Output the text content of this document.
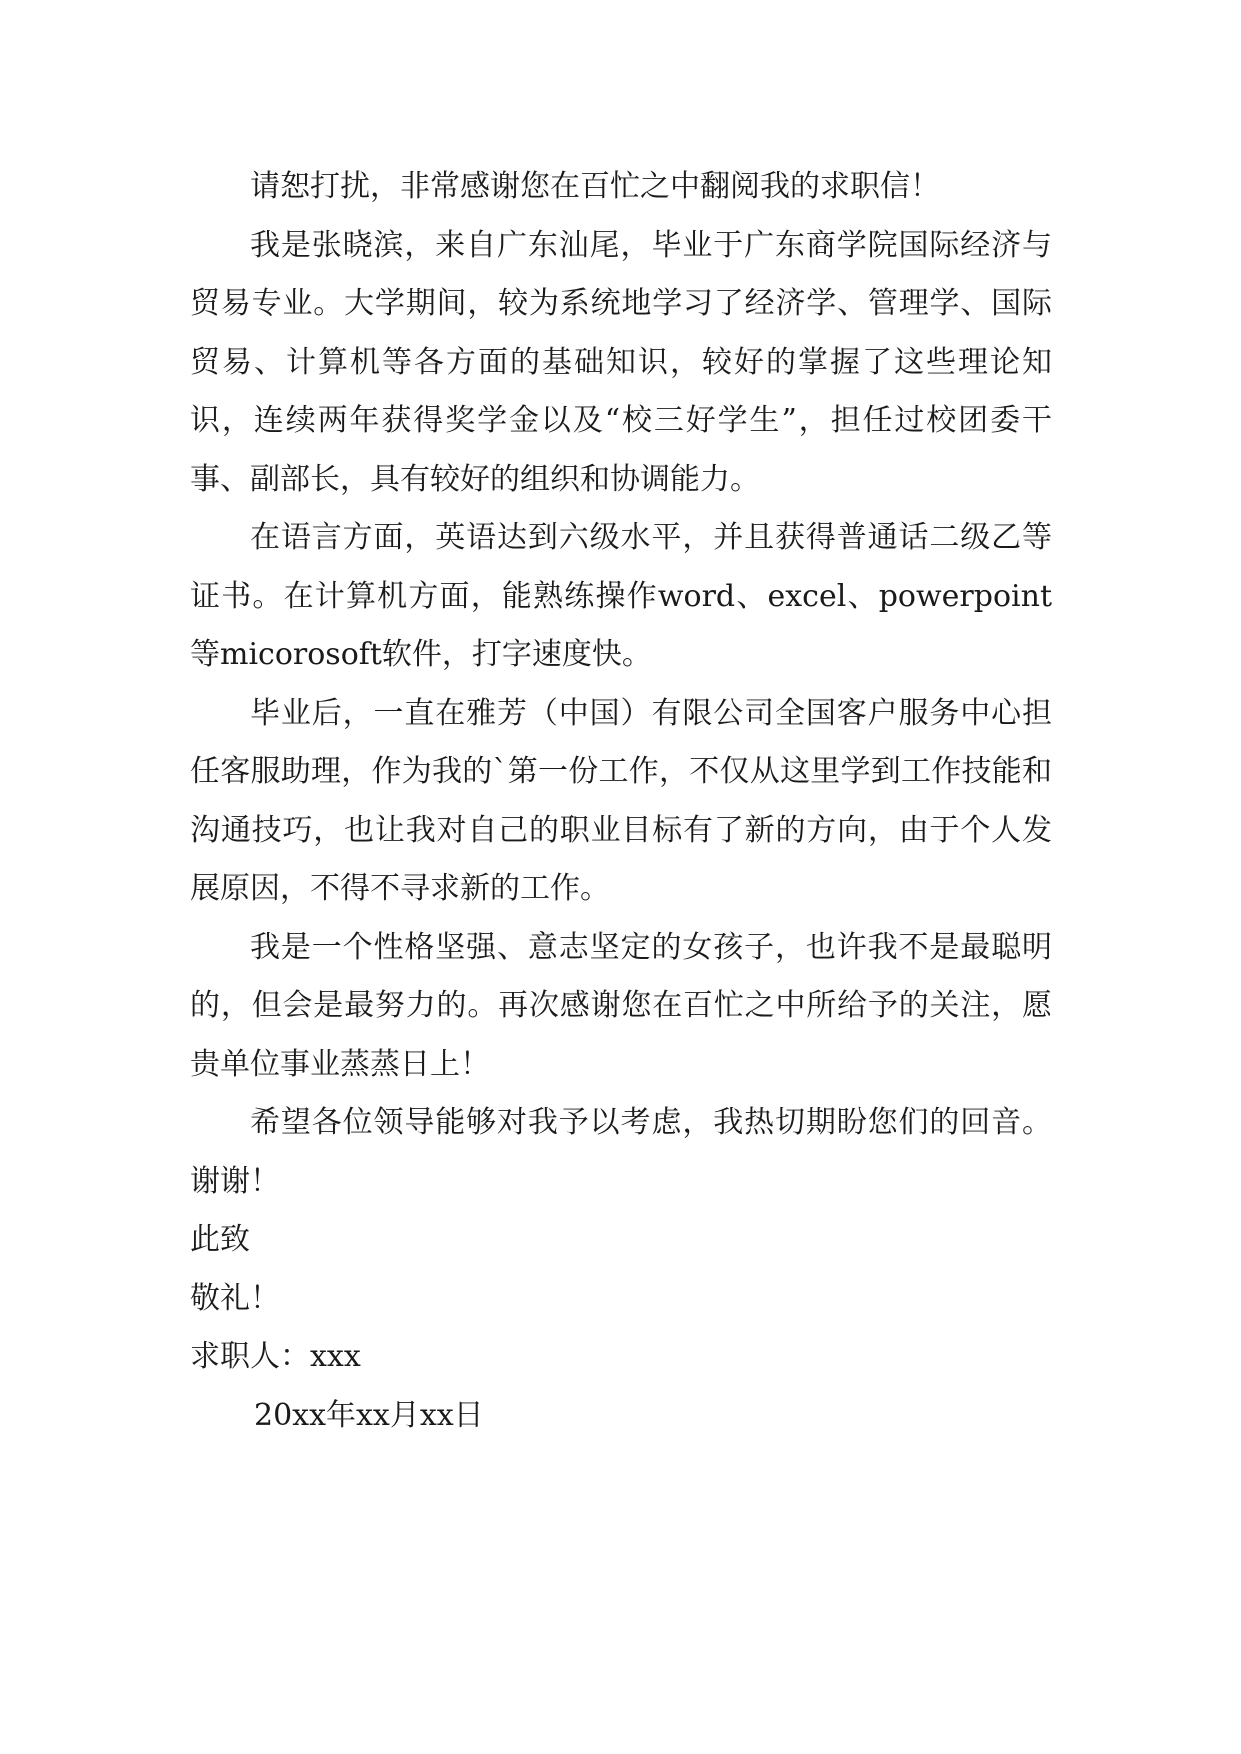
请恕打扰，非常感谢您在百忙之中翻阅我的求职信！

我是张晓滨，来自广东汕尾，毕业于广东商学院国际经济与贸易专业。大学期间，较为系统地学习了经济学、管理学、国际贸易、计算机等各方面的基础知识，较好的掌握了这些理论知识，连续两年获得奖学金以及“校三好学生”，担任过校团委干事、副部长，具有较好的组织和协调能力。

在语言方面，英语达到六级水平，并且获得普通话二级乙等证书。在计算机方面，能熟练操作word、excel、powerpoint等micorosoft软件，打字速度快。

毕业后，一直在雅芳（中国）有限公司全国客户服务中心担任客服助理，作为我的`第一份工作，不仅从这里学到工作技能和沟通技巧，也让我对自己的职业目标有了新的方向，由于个人发展原因，不得不寻求新的工作。

我是一个性格坚强、意志坚定的女孩子，也许我不是最聪明的，但会是最努力的。再次感谢您在百忙之中所给予的关注，愿贵单位事业蒸蒸日上！

希望各位领导能够对我予以考虑，我热切期盼您们的回音。谢谢！

此致

敬礼！

求职人：xxx

20xx年xx月xx日
